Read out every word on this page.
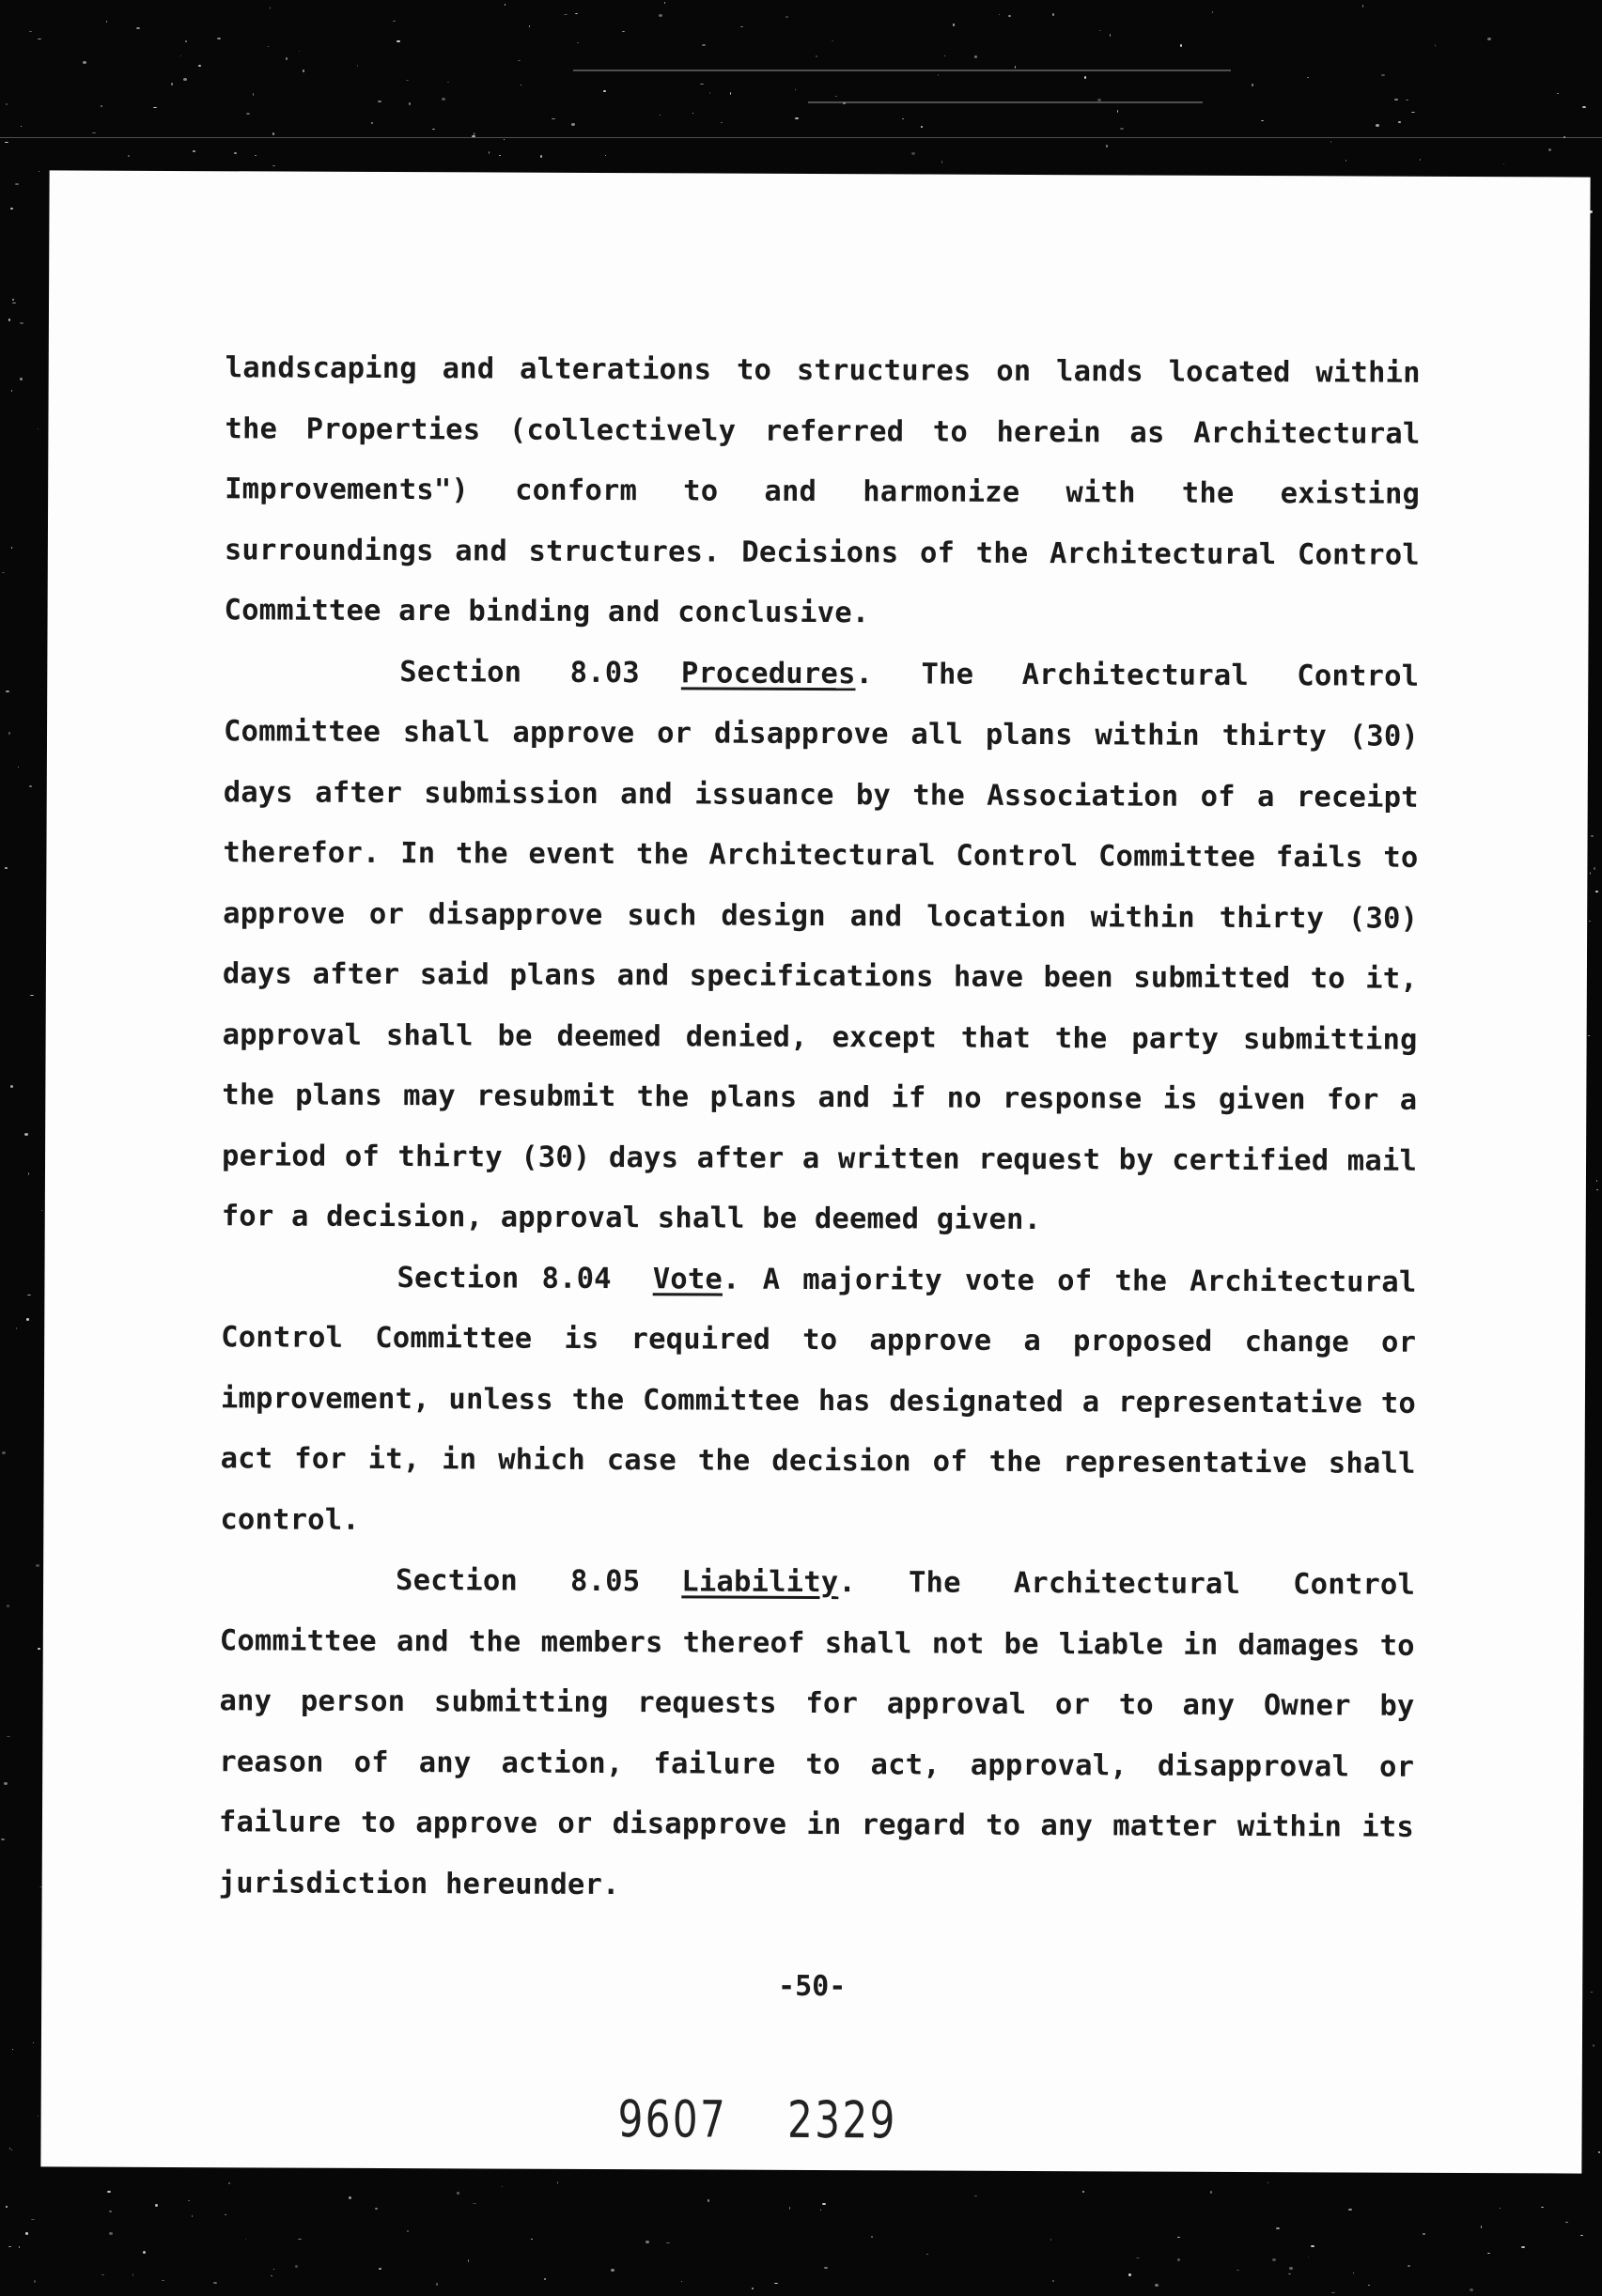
landscaping and alterations to structures on lands located within the Properties (collectively referred to herein as Architectural Improvements") conform to and harmonize with the existing surroundings and structures. Decisions of the Architectural Control Committee are binding and conclusive.

Section 8.03 Procedures. The Architectural Control Committee shall approve or disapprove all plans within thirty (30) days after submission and issuance by the Association of a receipt therefor. In the event the Architectural Control Committee fails to approve or disapprove such design and location within thirty (30) days after said plans and specifications have been submitted to it, approval shall be deemed denied, except that the party submitting the plans may resubmit the plans and if no response is given for a period of thirty (30) days after a written request by certified mail for a decision, approval shall be deemed given.

Section 8.04 Vote. A majority vote of the Architectural Control Committee is required to approve a proposed change or improvement, unless the Committee has designated a representative to act for it, in which case the decision of the representative shall control.

Section 8.05 Liability. The Architectural Control Committee and the members thereof shall not be liable in damages to any person submitting requests for approval or to any Owner by reason of any action, failure to act, approval, disapproval or failure to approve or disapprove in regard to any matter within its jurisdiction hereunder.

-50-
9607 2329
